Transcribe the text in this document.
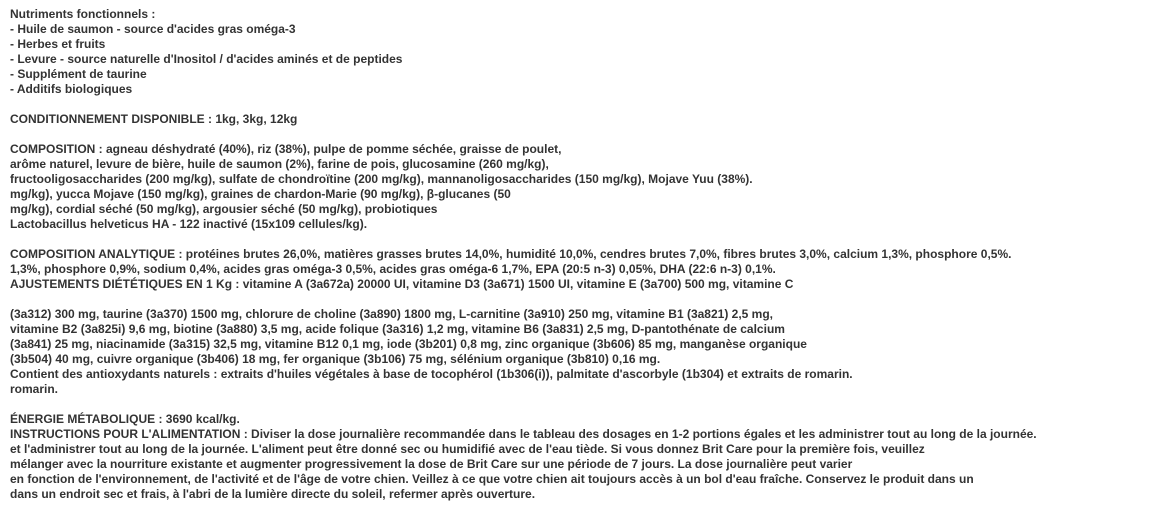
Nutriments fonctionnels :
- Huile de saumon - source d'acides gras oméga-3
- Herbes et fruits
- Levure - source naturelle d'Inositol / d'acides aminés et de peptides
- Supplément de taurine
- Additifs biologiques
CONDITIONNEMENT DISPONIBLE : 1kg, 3kg, 12kg
COMPOSITION : agneau déshydraté (40%), riz (38%), pulpe de pomme séchée, graisse de poulet,
arôme naturel, levure de bière, huile de saumon (2%), farine de pois, glucosamine (260 mg/kg),
fructooligosaccharides (200 mg/kg), sulfate de chondroïtine (200 mg/kg), mannanoligosaccharides (150 mg/kg), Mojave Yuu (38%).
mg/kg), yucca Mojave (150 mg/kg), graines de chardon-Marie (90 mg/kg), β-glucanes (50
mg/kg), cordial séché (50 mg/kg), argousier séché (50 mg/kg), probiotiques
Lactobacillus helveticus HA - 122 inactivé (15x109 cellules/kg).
COMPOSITION ANALYTIQUE : protéines brutes 26,0%, matières grasses brutes 14,0%, humidité 10,0%, cendres brutes 7,0%, fibres brutes 3,0%, calcium 1,3%, phosphore 0,5%.
1,3%, phosphore 0,9%, sodium 0,4%, acides gras oméga-3 0,5%, acides gras oméga-6 1,7%, EPA (20:5 n-3) 0,05%, DHA (22:6 n-3) 0,1%.
AJUSTEMENTS DIÉTÉTIQUES EN 1 Kg : vitamine A (3a672a) 20000 UI, vitamine D3 (3a671) 1500 UI, vitamine E (3a700) 500 mg, vitamine C
(3a312) 300 mg, taurine (3a370) 1500 mg, chlorure de choline (3a890) 1800 mg, L-carnitine (3a910) 250 mg, vitamine B1 (3a821) 2,5 mg,
vitamine B2 (3a825i) 9,6 mg, biotine (3a880) 3,5 mg, acide folique (3a316) 1,2 mg, vitamine B6 (3a831) 2,5 mg, D-pantothénate de calcium
(3a841) 25 mg, niacinamide (3a315) 32,5 mg, vitamine B12 0,1 mg, iode (3b201) 0,8 mg, zinc organique (3b606) 85 mg, manganèse organique
(3b504) 40 mg, cuivre organique (3b406) 18 mg, fer organique (3b106) 75 mg, sélénium organique (3b810) 0,16 mg.
Contient des antioxydants naturels : extraits d'huiles végétales à base de tocophérol (1b306(i)), palmitate d'ascorbyle (1b304) et extraits de romarin.
romarin.
ÉNERGIE MÉTABOLIQUE : 3690 kcal/kg.
INSTRUCTIONS POUR L'ALIMENTATION : Diviser la dose journalière recommandée dans le tableau des dosages en 1-2 portions égales et les administrer tout au long de la journée.
et l'administrer tout au long de la journée. L'aliment peut être donné sec ou humidifié avec de l'eau tiède. Si vous donnez Brit Care pour la première fois, veuillez
mélanger avec la nourriture existante et augmenter progressivement la dose de Brit Care sur une période de 7 jours. La dose journalière peut varier
en fonction de l'environnement, de l'activité et de l'âge de votre chien. Veillez à ce que votre chien ait toujours accès à un bol d'eau fraîche. Conservez le produit dans un
dans un endroit sec et frais, à l'abri de la lumière directe du soleil, refermer après ouverture.
